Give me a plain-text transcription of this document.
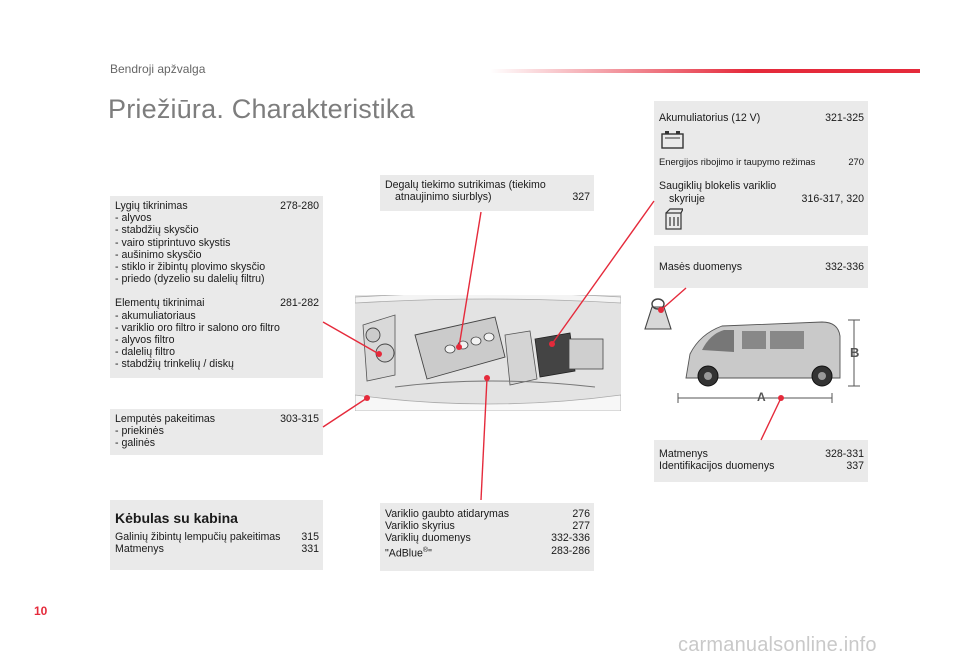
Bendroji apžvalga
Priežiūra. Charakteristika
Lygių tikrinimas	278-280
- alyvos
- stabdžių skysčio
- vairo stiprintuvo skystis
- aušinimo skysčio
- stiklo ir žibintų plovimo skysčio
- priedo (dyzelio su dalelių filtru)
Elementų tikrinimai	281-282
- akumuliatoriaus
- variklio oro filtro ir salono oro filtro
- alyvos filtro
- dalelių filtro
- stabdžių trinkelių / diskų
Lemputės pakeitimas	303-315
- priekinės
- galinės
Kėbulas su kabina
Galinių žibintų lempučių pakeitimas	315
Matmenys	331
Degalų tiekimo sutrikimas (tiekimo
atnaujinimo siurblys)	327
Variklio gaubto atidarymas	276
Variklio skyrius	277
Variklių duomenys	332-336
"AdBlue®"	283-286
Akumuliatorius (12 V)	321-325
Energijos ribojimo ir taupymo režimas	270
Saugiklių blokelis variklio
skyriuje	316-317, 320
Masės duomenys	332-336
Matmenys	328-331
Identifikacijos duomenys	337
B
A
10
carmanualsonline.info
